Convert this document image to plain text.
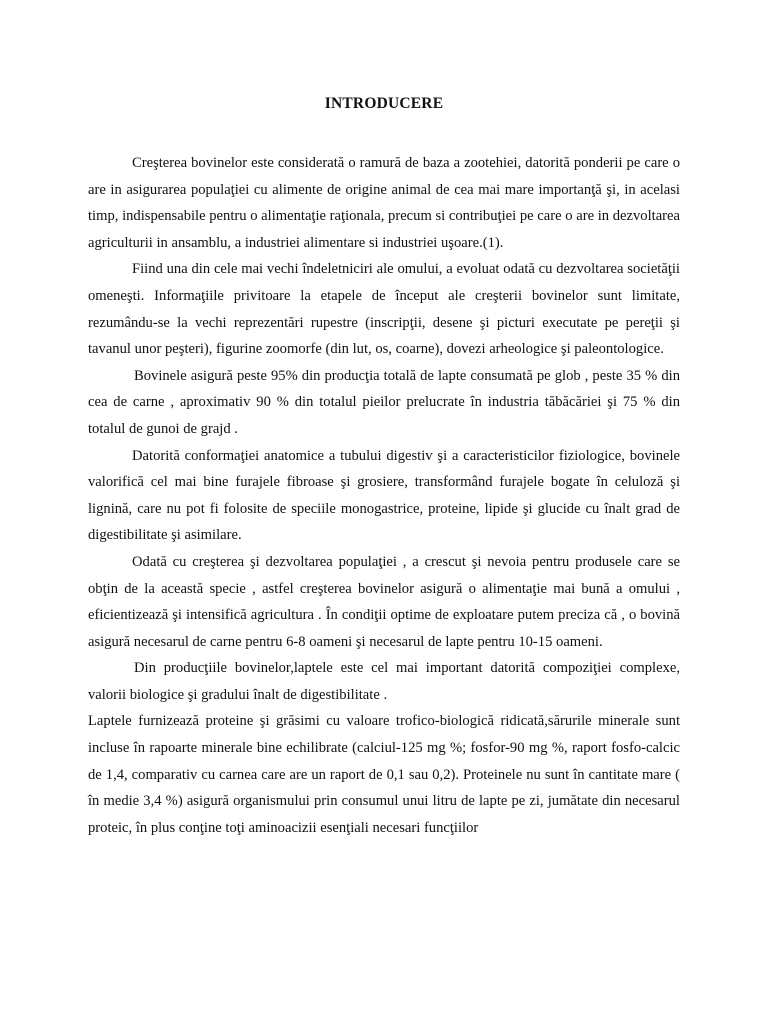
INTRODUCERE

Creşterea bovinelor este considerată o ramură de baza a zootehiei, datorită ponderii pe care o are in asigurarea populaţiei cu alimente de origine animal de cea mai mare importanţă şi, in acelasi timp, indispensabile pentru o alimentaţie raţionala, precum si contribuţiei pe care o are in dezvoltarea agriculturii in ansamblu, a industriei alimentare si industriei uşoare.(1).

Fiind una din cele mai vechi îndeletniciri ale omului, a evoluat odată cu dezvoltarea societăţii omeneşti. Informaţiile privitoare la etapele de început ale creşterii bovinelor sunt limitate, rezumându-se la vechi reprezentări rupestre (inscripţii, desene şi picturi executate pe pereţii şi tavanul unor peşteri), figurine zoomorfe (din lut, os, coarne), dovezi arheologice şi paleontologice.

Bovinele asigură peste 95% din producţia totală de lapte consumată pe glob , peste 35 % din cea de carne , aproximativ 90 % din totalul pieilor prelucrate în industria tăbăcăriei şi 75 % din totalul de gunoi de grajd .

Datorită conformaţiei anatomice a tubului digestiv şi a caracteristicilor fiziologice, bovinele valorifică cel mai bine furajele fibroase şi grosiere, transformând furajele bogate în celuloză şi lignină, care nu pot fi folosite de speciile monogastrice, proteine, lipide şi glucide cu înalt grad de digestibilitate şi asimilare.

Odată cu creşterea şi dezvoltarea populaţiei , a crescut şi nevoia pentru produsele care se obţin de la această specie , astfel creşterea bovinelor asigură o alimentaţie mai bună a omului , eficientizează şi intensifică agricultura . În condiţii optime de exploatare putem preciza că , o bovină asigură necesarul de carne pentru 6-8 oameni şi necesarul de lapte pentru 10-15 oameni.

Din producţiile bovinelor,laptele este cel mai important datorită compoziţiei complexe, valorii biologice şi gradului înalt de digestibilitate .

Laptele furnizează proteine şi grăsimi cu valoare trofico-biologică ridicată,sărurile minerale sunt incluse în rapoarte minerale bine echilibrate (calciul-125 mg %; fosfor-90 mg %, raport fosfo-calcic de 1,4, comparativ cu carnea care are un raport de 0,1 sau 0,2). Proteinele nu sunt în cantitate mare ( în medie 3,4 %) asigură organismului prin consumul unui litru de lapte pe zi, jumătate din necesarul proteic, în plus conţine toţi aminoacizii esenţiali necesari funcţiilor
